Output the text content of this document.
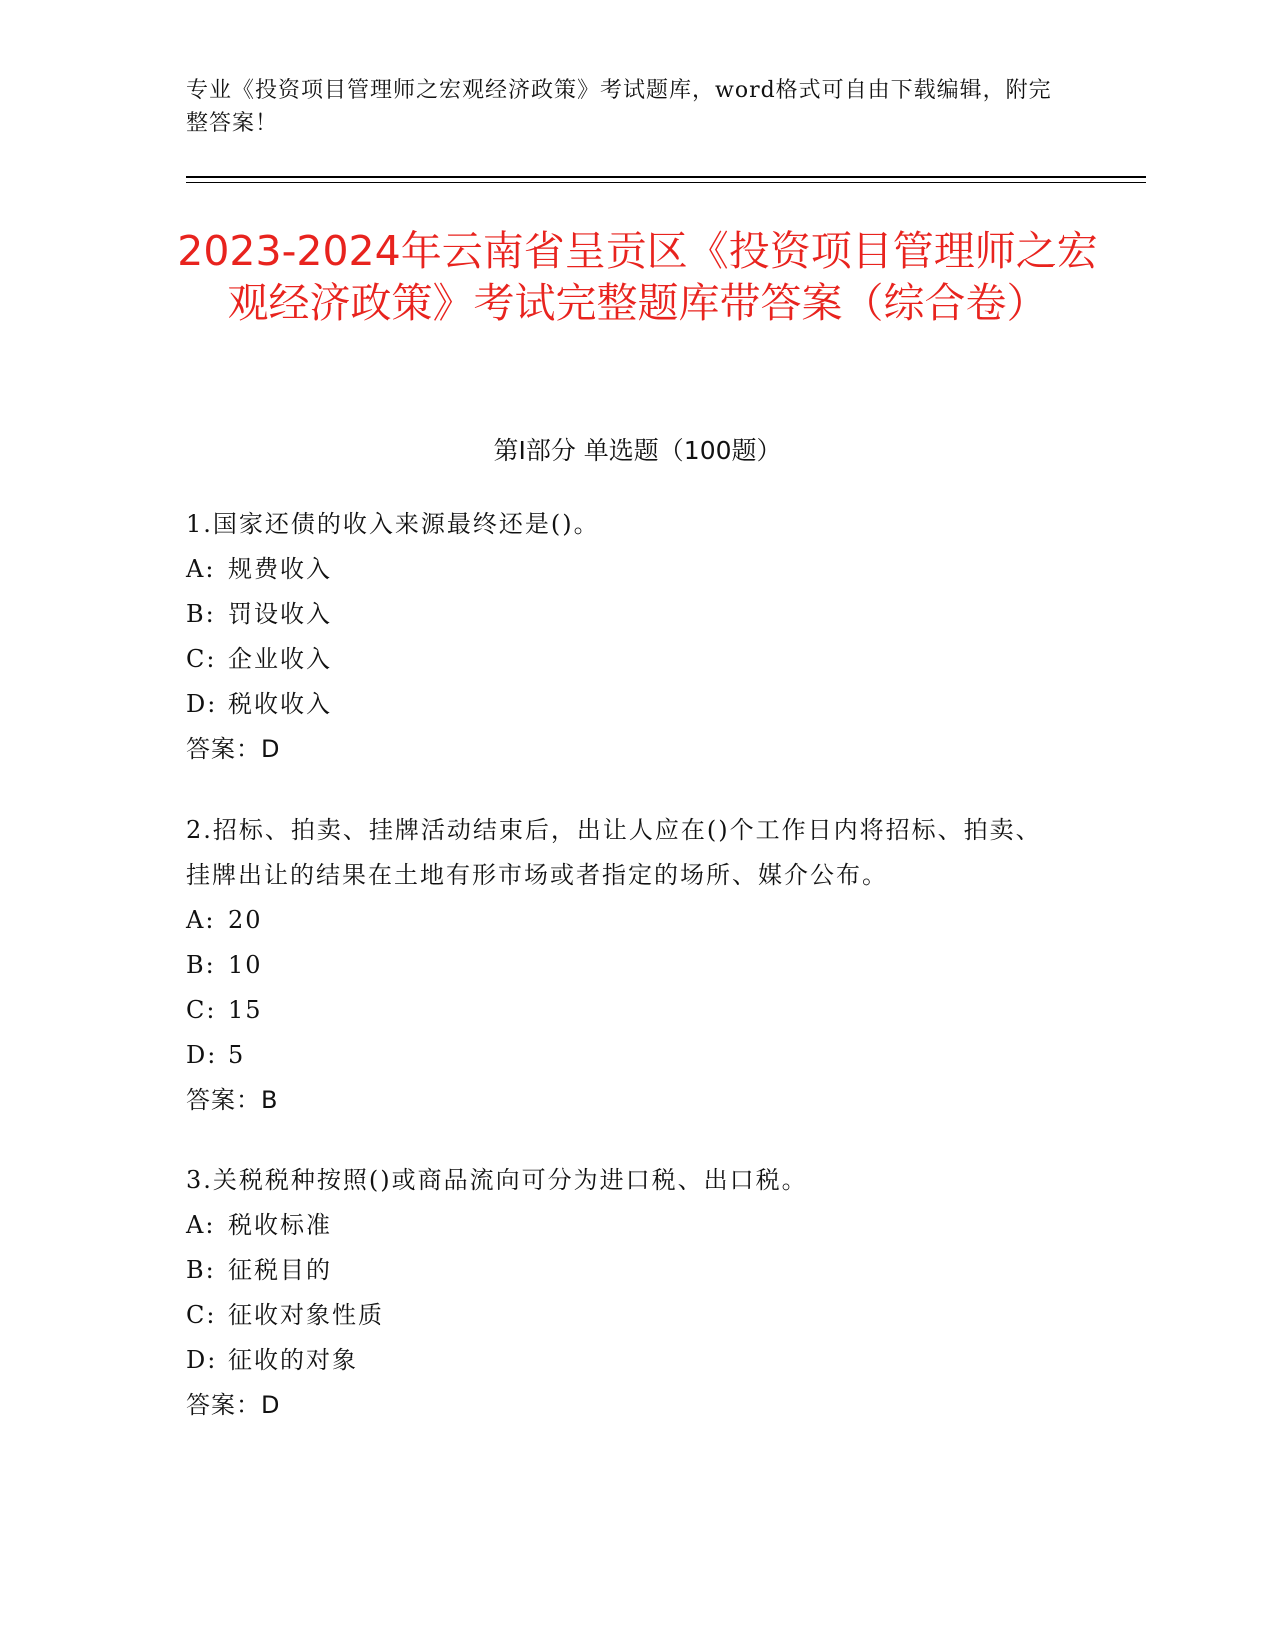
专业《投资项目管理师之宏观经济政策》考试题库，word格式可自由下载编辑，附完整答案！
2023-2024年云南省呈贡区《投资项目管理师之宏观经济政策》考试完整题库带答案（综合卷）
第I部分 单选题（100题）

1.国家还债的收入来源最终还是()。

A: 规费收入

B: 罚设收入

C: 企业收入

D: 税收收入

答案：D

2.招标、拍卖、挂牌活动结束后，出让人应在()个工作日内将招标、拍卖、挂牌出让的结果在土地有形市场或者指定的场所、媒介公布。

A: 20

B: 10

C: 15

D: 5

答案：B

3.关税税种按照()或商品流向可分为进口税、出口税。

A: 税收标准

B: 征税目的

C: 征收对象性质

D: 征收的对象

答案：D
